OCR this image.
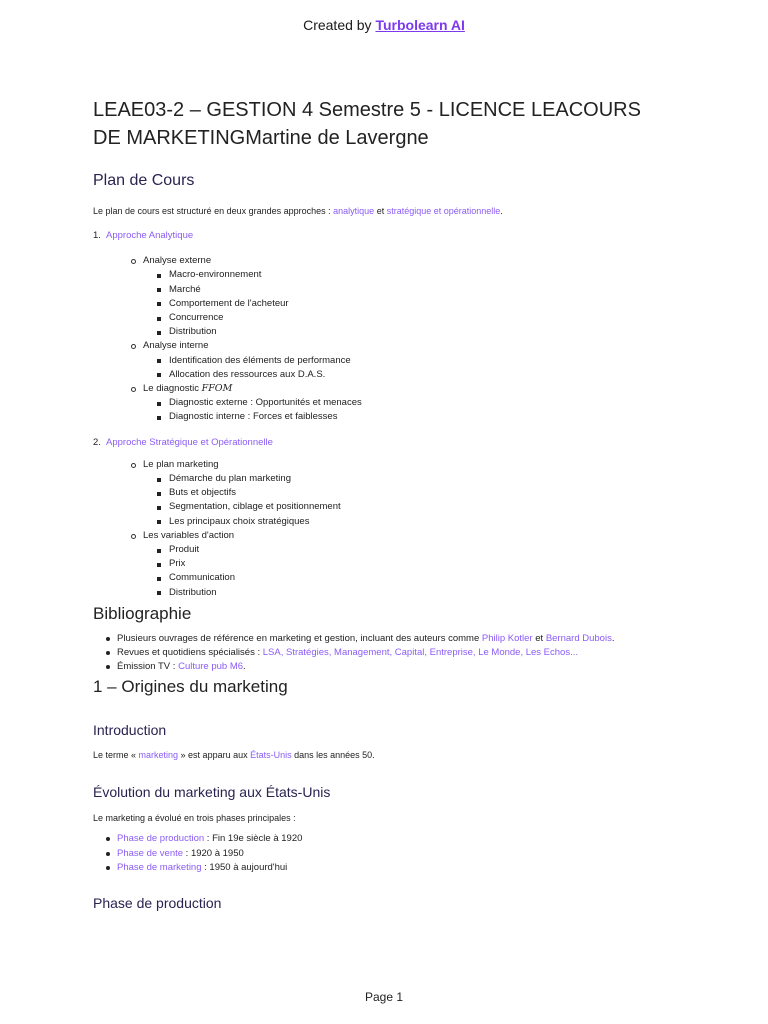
Created by Turbolearn AI
LEAE03-2 – GESTION 4 Semestre 5 - LICENCE LEACOURS
DE MARKETINGMartine de Lavergne
Plan de Cours

Le plan de cours est structuré en deux grandes approches : analytique et stratégique et opérationnelle.

1. Approche Analytique
Analyse externe
Macro-environnement
Marché
Comportement de l'acheteur
Concurrence
Distribution
Analyse interne
Identification des éléments de performance
Allocation des ressources aux D.A.S.
Le diagnostic FFOM
Diagnostic externe : Opportunités et menaces
Diagnostic interne : Forces et faiblesses
2. Approche Stratégique et Opérationnelle
Le plan marketing
Démarche du plan marketing
Buts et objectifs
Segmentation, ciblage et positionnement
Les principaux choix stratégiques
Les variables d'action
Produit
Prix
Communication
Distribution
Bibliographie
Plusieurs ouvrages de référence en marketing et gestion, incluant des auteurs comme Philip Kotler et Bernard Dubois.
Revues et quotidiens spécialisés : LSA, Stratégies, Management, Capital, Entreprise, Le Monde, Les Echos...
Émission TV : Culture pub M6.
1 – Origines du marketing
Introduction

Le terme « marketing » est apparu aux États-Unis dans les années 50.

Évolution du marketing aux États-Unis

Le marketing a évolué en trois phases principales :

Phase de production : Fin 19e siècle à 1920
Phase de vente : 1920 à 1950
Phase de marketing : 1950 à aujourd'hui
Phase de production
Page 1
